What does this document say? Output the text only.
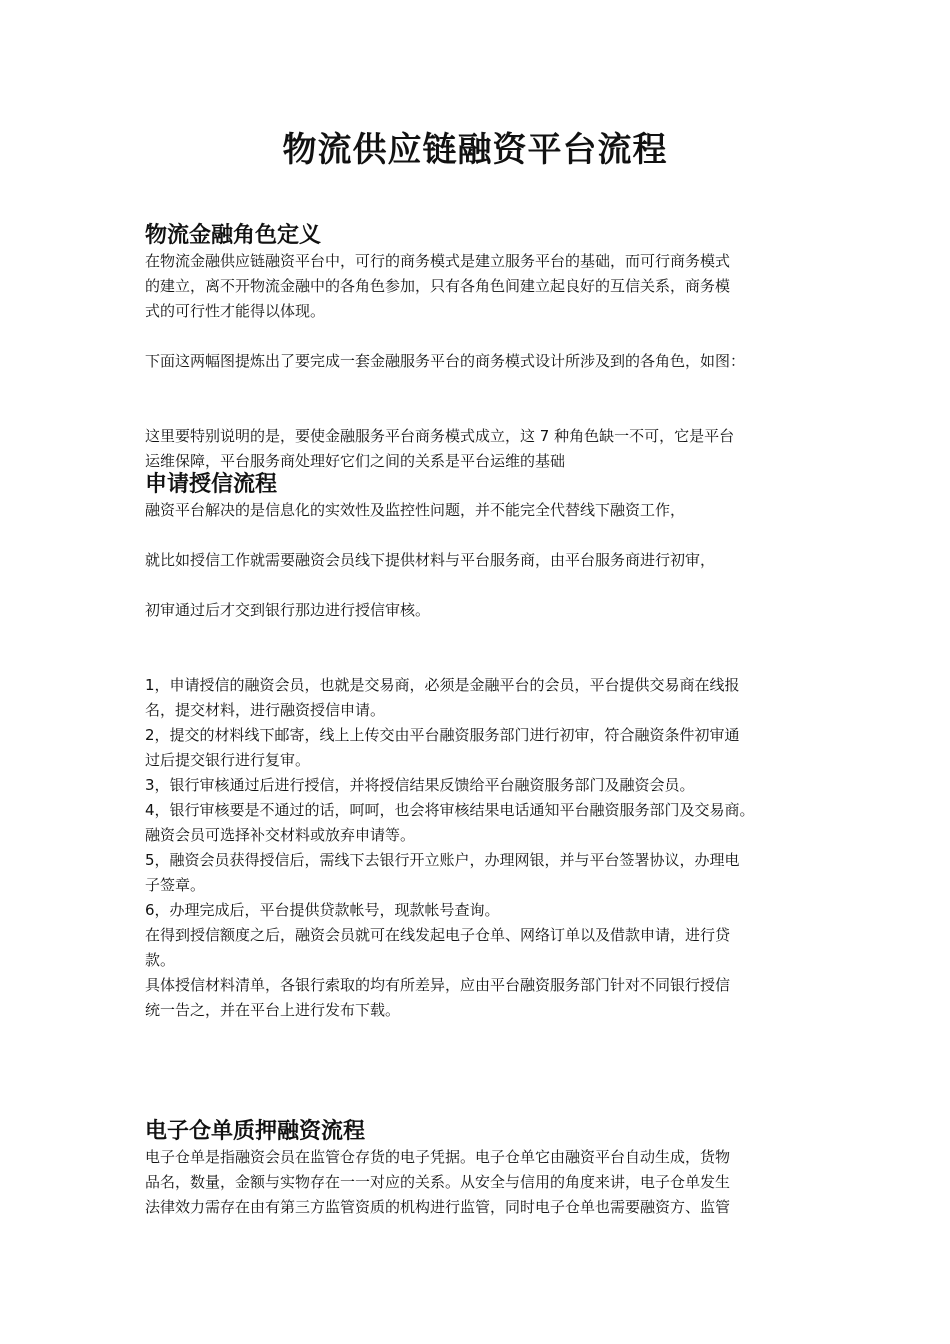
物流供应链融资平台流程
物流金融角色定义
在物流金融供应链融资平台中，可行的商务模式是建立服务平台的基础，而可行商务模式
的建立，离不开物流金融中的各角色参加，只有各角色间建立起良好的互信关系，商务模
式的可行性才能得以体现。
下面这两幅图提炼出了要完成一套金融服务平台的商务模式设计所涉及到的各角色，如图：
这里要特别说明的是，要使金融服务平台商务模式成立，这 7 种角色缺一不可，它是平台
运维保障，平台服务商处理好它们之间的关系是平台运维的基础
申请授信流程
融资平台解决的是信息化的实效性及监控性问题，并不能完全代替线下融资工作，
就比如授信工作就需要融资会员线下提供材料与平台服务商，由平台服务商进行初审，
初审通过后才交到银行那边进行授信审核。
1，申请授信的融资会员，也就是交易商，必须是金融平台的会员，平台提供交易商在线报
名，提交材料，进行融资授信申请。
2，提交的材料线下邮寄，线上上传交由平台融资服务部门进行初审，符合融资条件初审通
过后提交银行进行复审。
3，银行审核通过后进行授信，并将授信结果反馈给平台融资服务部门及融资会员。
4，银行审核要是不通过的话，呵呵，也会将审核结果电话通知平台融资服务部门及交易商。
融资会员可选择补交材料或放弃申请等。
5，融资会员获得授信后，需线下去银行开立账户，办理网银，并与平台签署协议，办理电
子签章。
6，办理完成后，平台提供贷款帐号，现款帐号查询。
在得到授信额度之后，融资会员就可在线发起电子仓单、网络订单以及借款申请，进行贷
款。
具体授信材料清单，各银行索取的均有所差异，应由平台融资服务部门针对不同银行授信
统一告之，并在平台上进行发布下载。
电子仓单质押融资流程
电子仓单是指融资会员在监管仓存货的电子凭据。电子仓单它由融资平台自动生成，货物
品名，数量，金额与实物存在一一对应的关系。从安全与信用的角度来讲，电子仓单发生
法律效力需存在由有第三方监管资质的机构进行监管，同时电子仓单也需要融资方、监管
